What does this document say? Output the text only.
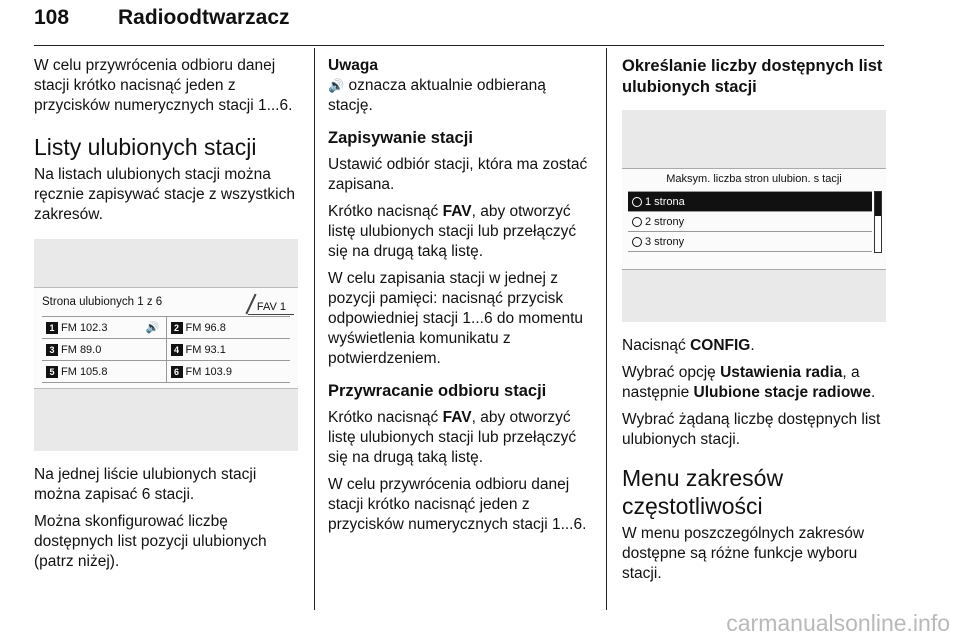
108 Radioodtwarzacz

W celu przywrócenia odbioru danej stacji krótko nacisnąć jeden z przycisków numerycznych stacji 1...6.

Listy ulubionych stacji

Na listach ulubionych stacji można ręcznie zapisywać stacje z wszystkich zakresów.

Strona ulubionych 1 z 6	FAV 1
1 FM 102.3	🔊	2 FM 96.8
3 FM 89.0	4 FM 93.1
5 FM 105.8	6 FM 103.9

Na jednej liście ulubionych stacji można zapisać 6 stacji.

Można skonfigurować liczbę dostępnych list pozycji ulubionych (patrz niżej).

Uwaga

🔊 oznacza aktualnie odbieraną stację.

Zapisywanie stacji

Ustawić odbiór stacji, która ma zostać zapisana.

Krótko nacisnąć FAV, aby otworzyć listę ulubionych stacji lub przełączyć się na drugą taką listę.

W celu zapisania stacji w jednej z pozycji pamięci: nacisnąć przycisk odpowiedniej stacji 1...6 do momentu wyświetlenia komunikatu z potwierdzeniem.

Przywracanie odbioru stacji

Krótko nacisnąć FAV, aby otworzyć listę ulubionych stacji lub przełączyć się na drugą taką listę.

W celu przywrócenia odbioru danej stacji krótko nacisnąć jeden z przycisków numerycznych stacji 1...6.

Określanie liczby dostępnych list ulubionych stacji
Maksym. liczba stron ulubion. s tacji
1 strona
2 strony
3 strony

Nacisnąć CONFIG.

Wybrać opcję Ustawienia radia, a następnie Ulubione stacje radiowe.

Wybrać żądaną liczbę dostępnych list ulubionych stacji.

Menu zakresów częstotliwości

W menu poszczególnych zakresów dostępne są różne funkcje wyboru stacji.

carmanualsonline.info
